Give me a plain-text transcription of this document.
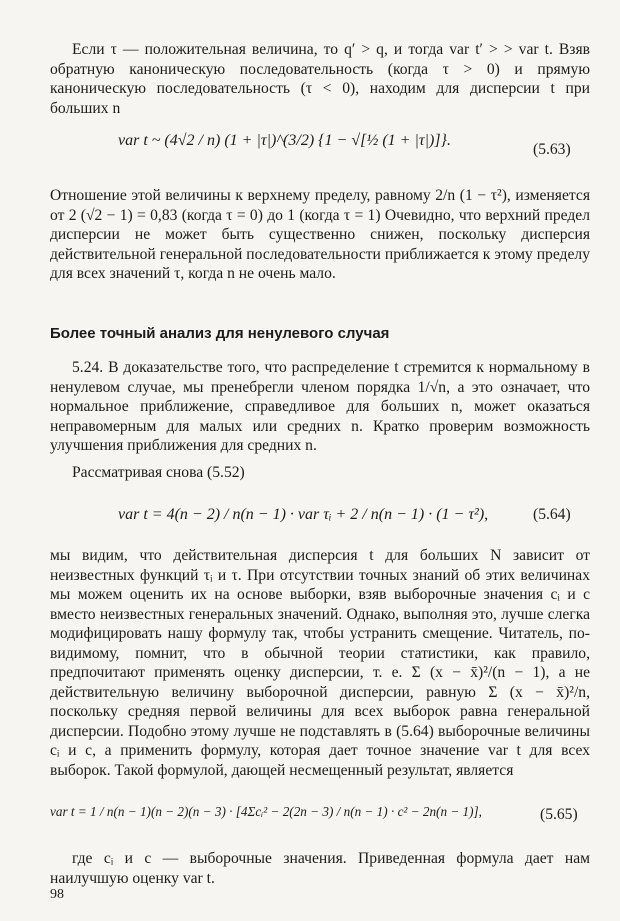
Если τ — положительная величина, то q′ > q, и тогда var t′ > > var t. Взяв обратную каноническую последовательность (когда τ > 0) и прямую каноническую последовательность (τ < 0), находим для дисперсии t при больших n

var t ~ (4√2 / n) (1 + |τ|)^(3/2) {1 − √[½ (1 + |τ|)]}.
(5.63)

Отношение этой величины к верхнему пределу, равному 2/n (1 − τ²), изменяется от 2 (√2 − 1) = 0,83 (когда τ = 0) до 1 (когда τ = 1) Очевидно, что верхний предел дисперсии не может быть существенно снижен, поскольку дисперсия действительной генеральной последовательности приближается к этому пределу для всех значений τ, когда n не очень мало.

Более точный анализ для ненулевого случая

5.24. В доказательстве того, что распределение t стремится к нормальному в ненулевом случае, мы пренебрегли членом порядка 1/√n, а это означает, что нормальное приближение, справедливое для больших n, может оказаться неправомерным для малых или средних n. Кратко проверим возможность улучшения приближения для средних n.

Рассматривая снова (5.52)

var t = 4(n − 2) / n(n − 1) · var τᵢ + 2 / n(n − 1) · (1 − τ²),	(5.64)

мы видим, что действительная дисперсия t для больших N зависит от неизвестных функций τᵢ и τ. При отсутствии точных знаний об этих величинах мы можем оценить их на основе выборки, взяв выборочные значения cᵢ и c вместо неизвестных генеральных значений. Однако, выполняя это, лучше слегка модифицировать нашу формулу так, чтобы устранить смещение. Читатель, по-видимому, помнит, что в обычной теории статистики, как правило, предпочитают применять оценку дисперсии, т. е. Σ (x − x̄)²/(n − 1), а не действительную величину выборочной дисперсии, равную Σ (x − x̄)²/n, поскольку средняя первой величины для всех выборок равна генеральной дисперсии. Подобно этому лучше не подставлять в (5.64) выборочные величины cᵢ и c, а применить формулу, которая дает точное значение var t для всех выборок. Такой формулой, дающей несмещенный результат, является

var t = 1 / n(n − 1)(n − 2)(n − 3) · [4Σcᵢ² − 2(2n − 3) / n(n − 1) · c² − 2n(n − 1)],	(5.65)

где cᵢ и c — выборочные значения. Приведенная формула дает нам наилучшую оценку var t.

98
